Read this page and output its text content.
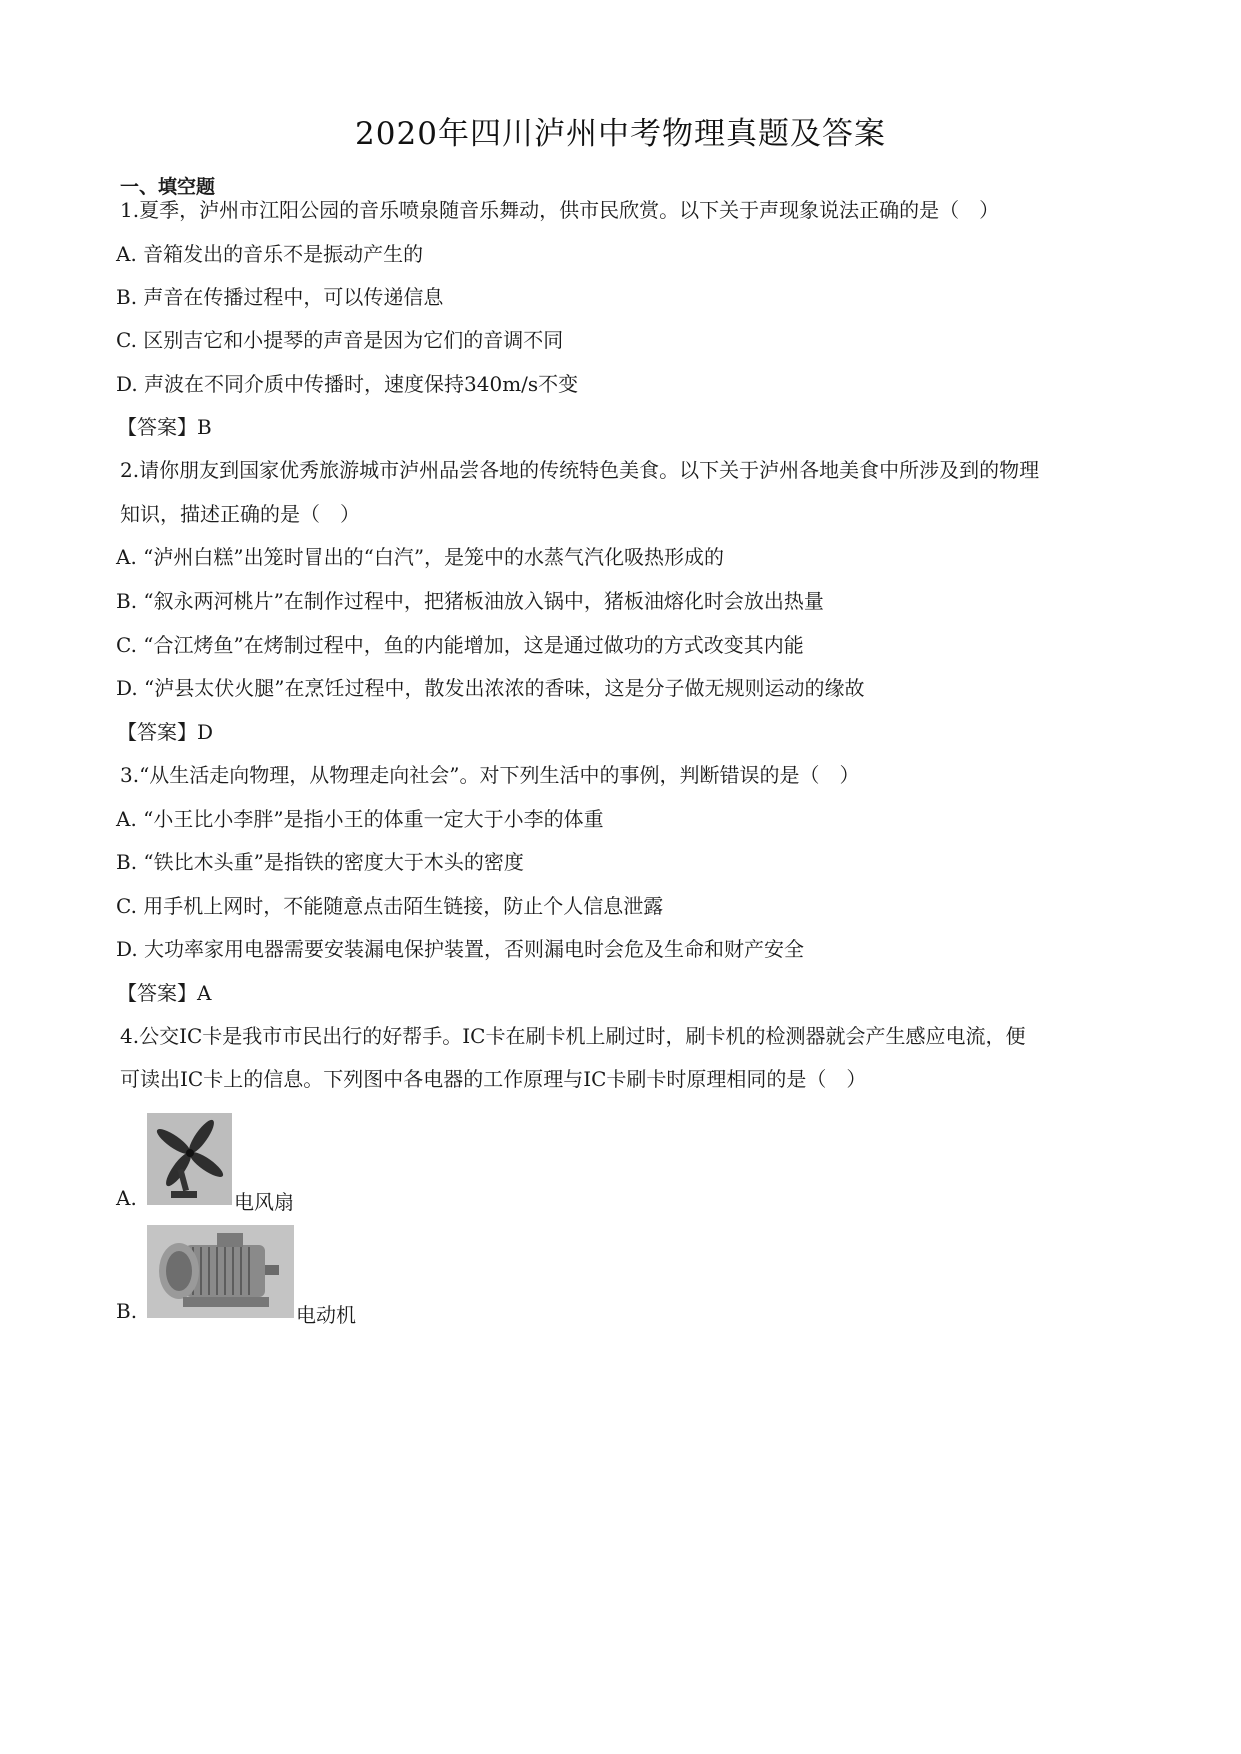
2020年四川泸州中考物理真题及答案
一、填空题
1.夏季，泸州市江阳公园的音乐喷泉随音乐舞动，供市民欣赏。以下关于声现象说法正确的是（　）
A. 音箱发出的音乐不是振动产生的
B. 声音在传播过程中，可以传递信息
C. 区别吉它和小提琴的声音是因为它们的音调不同
D. 声波在不同介质中传播时，速度保持340m/s不变
【答案】B
2.请你朋友到国家优秀旅游城市泸州品尝各地的传统特色美食。以下关于泸州各地美食中所涉及到的物理
知识，描述正确的是（　）
A. “泸州白糕”出笼时冒出的“白汽”，是笼中的水蒸气汽化吸热形成的
B. “叙永两河桃片”在制作过程中，把猪板油放入锅中，猪板油熔化时会放出热量
C. “合江烤鱼”在烤制过程中，鱼的内能增加，这是通过做功的方式改变其内能
D. “泸县太伏火腿”在烹饪过程中，散发出浓浓的香味，这是分子做无规则运动的缘故
【答案】D
3.“从生活走向物理，从物理走向社会”。对下列生活中的事例，判断错误的是（　）
A. “小王比小李胖”是指小王的体重一定大于小李的体重
B. “铁比木头重”是指铁的密度大于木头的密度
C. 用手机上网时，不能随意点击陌生链接，防止个人信息泄露
D. 大功率家用电器需要安装漏电保护装置，否则漏电时会危及生命和财产安全
【答案】A
4.公交IC卡是我市市民出行的好帮手。IC卡在刷卡机上刷过时，刷卡机的检测器就会产生感应电流，便
可读出IC卡上的信息。下列图中各电器的工作原理与IC卡刷卡时原理相同的是（　）
A.	电风扇
B.	电动机
